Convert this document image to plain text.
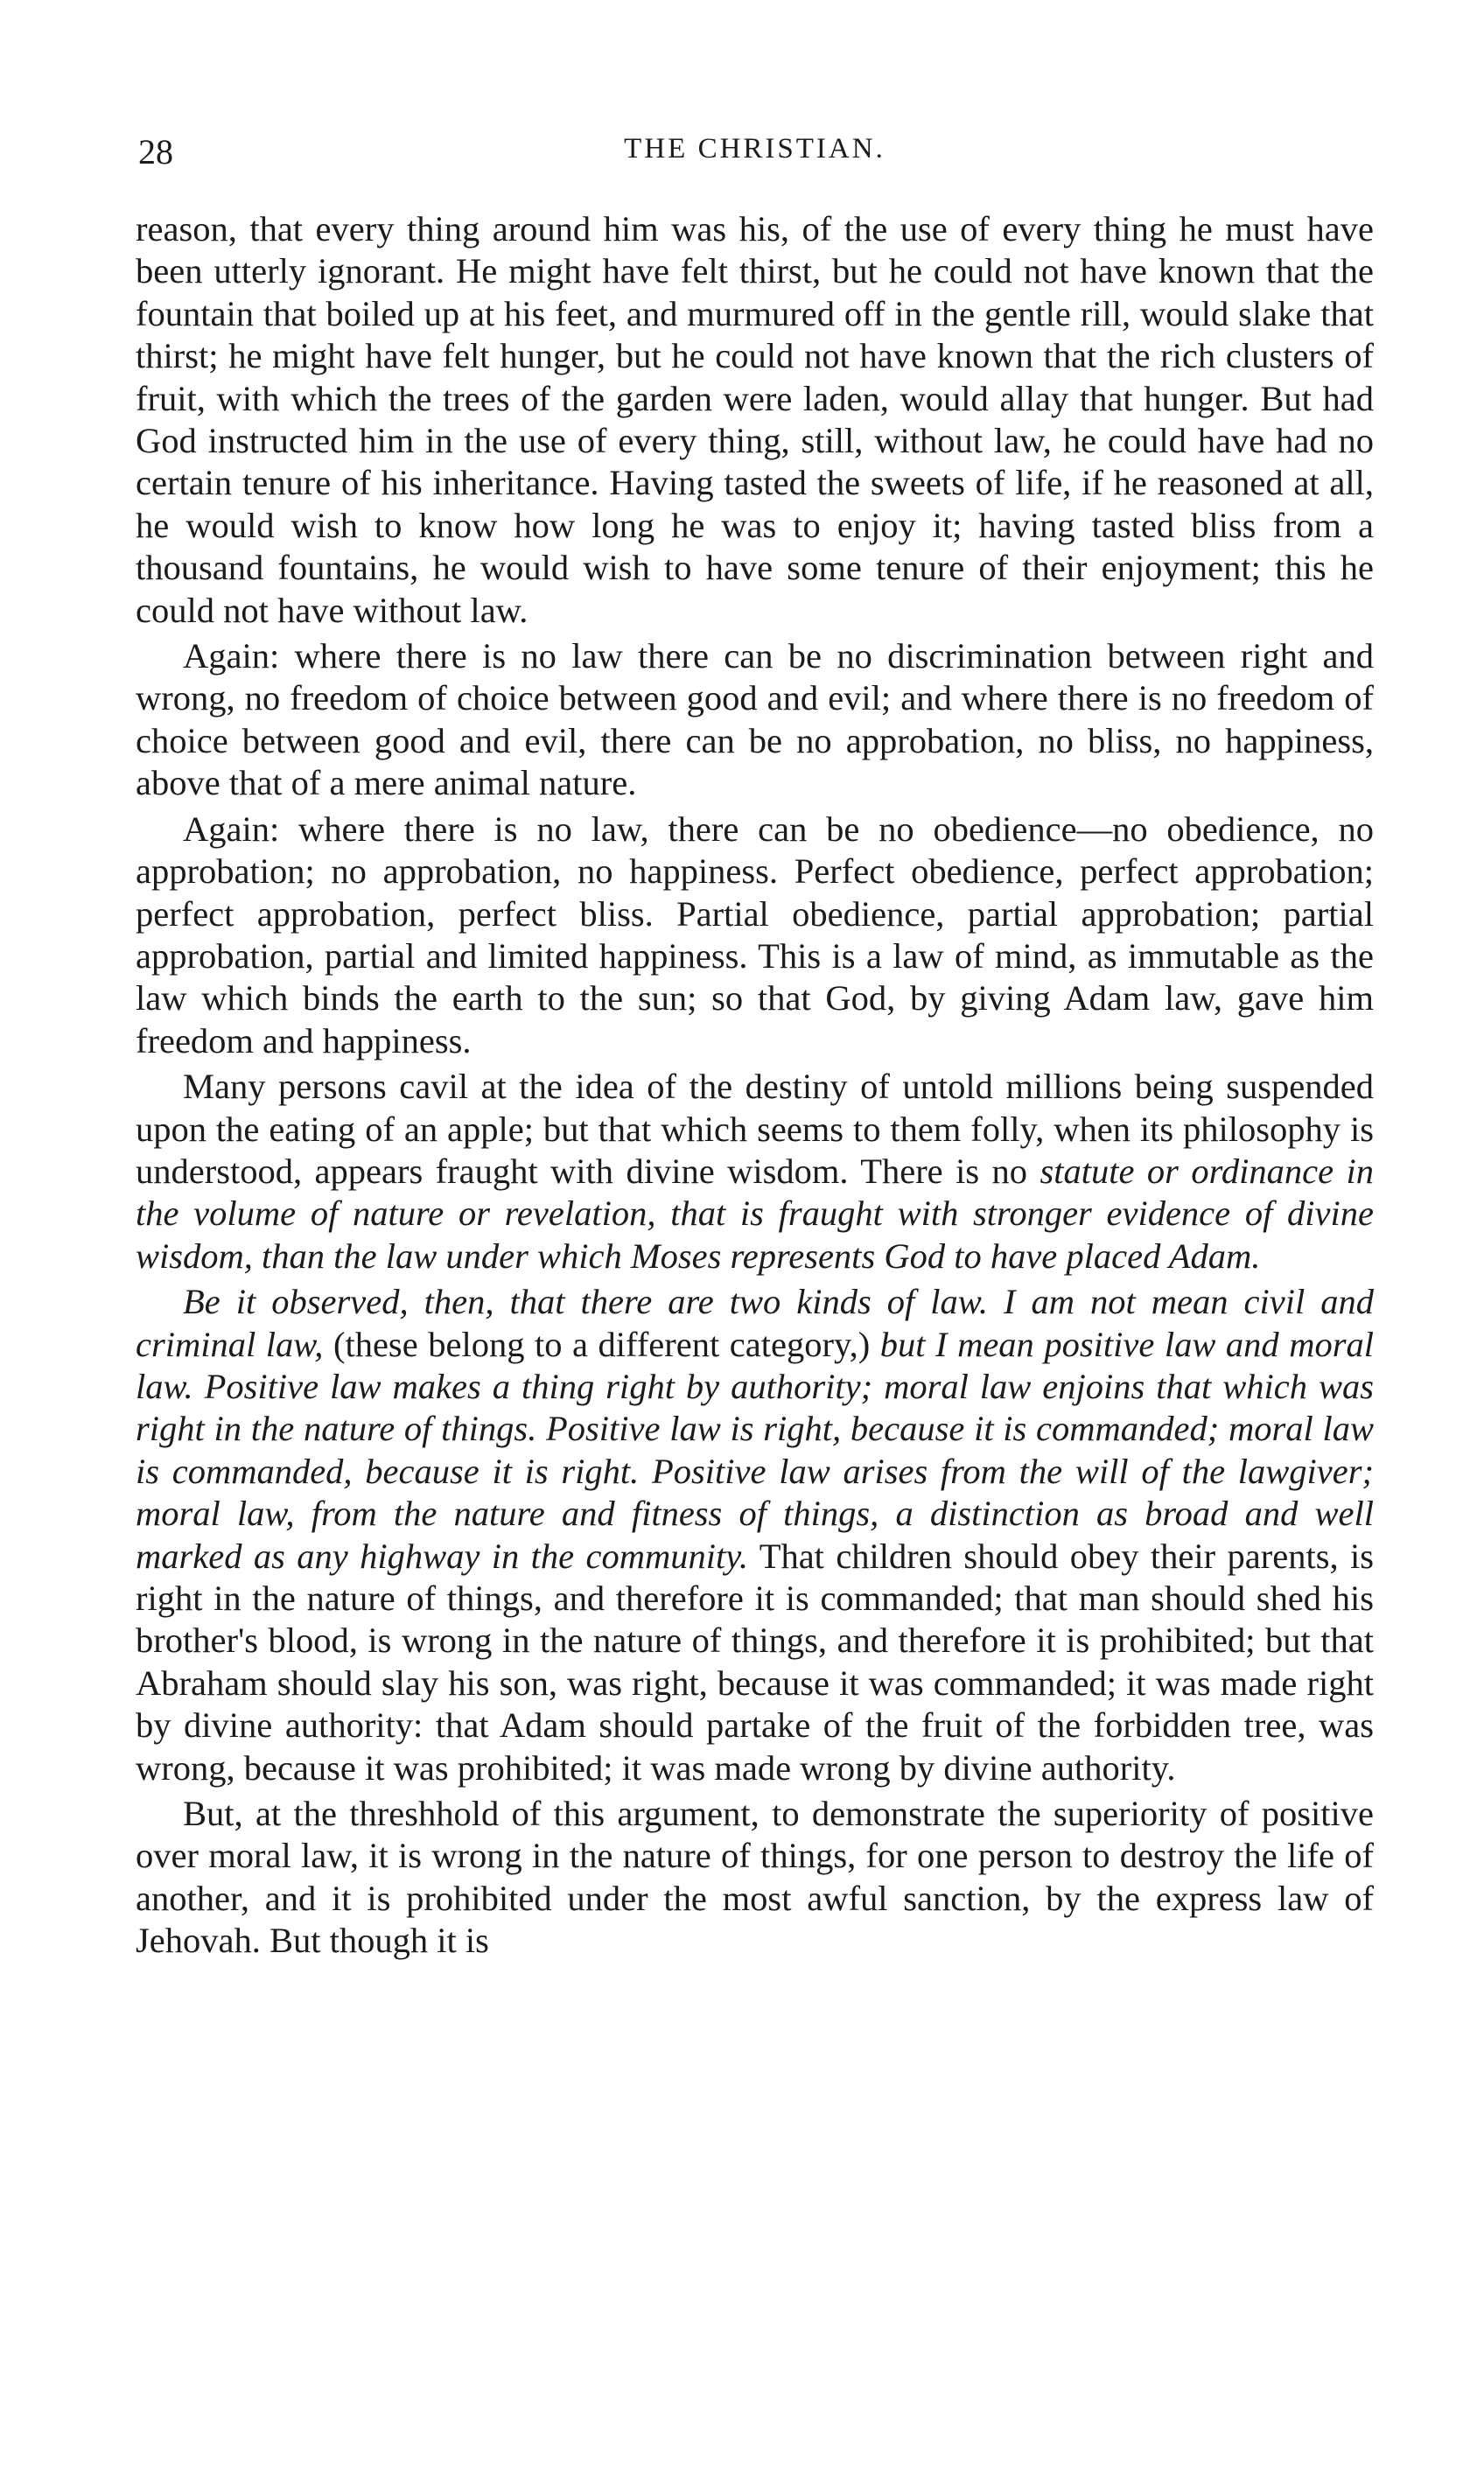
28	THE CHRISTIAN.

reason, that every thing around him was his, of the use of every thing he must have been utterly ignorant. He might have felt thirst, but he could not have known that the fountain that boiled up at his feet, and murmured off in the gentle rill, would slake that thirst; he might have felt hunger, but he could not have known that the rich clusters of fruit, with which the trees of the garden were laden, would allay that hunger. But had God instructed him in the use of every thing, still, without law, he could have had no certain tenure of his inheritance. Having tasted the sweets of life, if he reasoned at all, he would wish to know how long he was to enjoy it; having tasted bliss from a thousand fountains, he would wish to have some tenure of their enjoyment; this he could not have without law.

Again: where there is no law there can be no discrimination between right and wrong, no freedom of choice between good and evil; and where there is no freedom of choice between good and evil, there can be no approbation, no bliss, no happiness, above that of a mere animal nature.

Again: where there is no law, there can be no obedience—no obedience, no approbation; no approbation, no happiness. Perfect obedience, perfect approbation; perfect approbation, perfect bliss. Partial obedience, partial approbation; partial approbation, partial and limited happiness. This is a law of mind, as immutable as the law which binds the earth to the sun; so that God, by giving Adam law, gave him freedom and happiness.

Many persons cavil at the idea of the destiny of untold millions being suspended upon the eating of an apple; but that which seems to them folly, when its philosophy is understood, appears fraught with divine wisdom. There is no statute or ordinance in the volume of nature or revelation, that is fraught with stronger evidence of divine wisdom, than the law under which Moses represents God to have placed Adam.

Be it observed, then, that there are two kinds of law. I am not mean civil and criminal law, (these belong to a different category,) but I mean positive law and moral law. Positive law makes a thing right by authority; moral law enjoins that which was right in the nature of things. Positive law is right, because it is commanded; moral law is commanded, because it is right. Positive law arises from the will of the lawgiver; moral law, from the nature and fitness of things, a distinction as broad and well marked as any highway in the community. That children should obey their parents, is right in the nature of things, and therefore it is commanded; that man should shed his brother's blood, is wrong in the nature of things, and therefore it is prohibited; but that Abraham should slay his son, was right, because it was commanded; it was made right by divine authority: that Adam should partake of the fruit of the forbidden tree, was wrong, because it was prohibited; it was made wrong by divine authority.

But, at the threshhold of this argument, to demonstrate the superiority of positive over moral law, it is wrong in the nature of things, for one person to destroy the life of another, and it is prohibited under the most awful sanction, by the express law of Jehovah. But though it is
